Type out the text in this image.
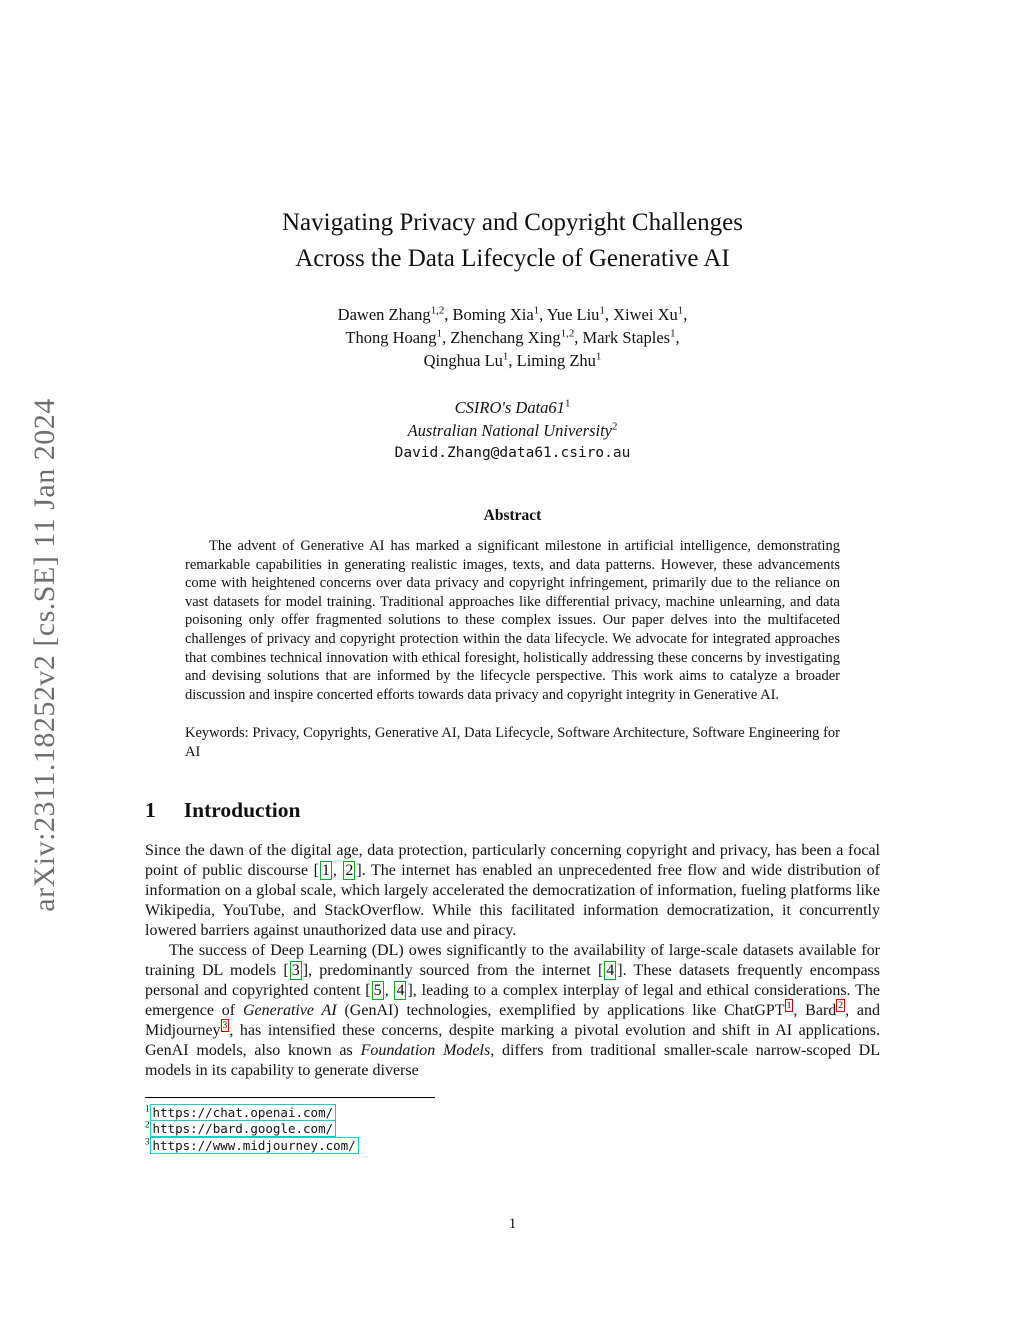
arXiv:2311.18252v2 [cs.SE] 11 Jan 2024
Navigating Privacy and Copyright Challenges
Across the Data Lifecycle of Generative AI
Dawen Zhang$^{1,2}$, Boming Xia$^1$, Yue Liu$^1$, Xiwei Xu$^1$,
Thong Hoang$^1$, Zhenchang Xing$^{1,2}$, Mark Staples$^1$,
Qinghua Lu$^1$, Liming Zhu$^1$
CSIRO's $Data61^1$
Australian National University$^2$
David.Zhang@data61.csiro.au
Abstract
The advent of Generative AI has marked a significant milestone in artificial intelligence, demonstrating remarkable capabilities in generating realistic images, texts, and data patterns. However, these advancements come with heightened concerns over data privacy and copyright infringement, primarily due to the reliance on vast datasets for model training. Traditional approaches like differential privacy, machine unlearning, and data poisoning only offer fragmented solutions to these complex issues. Our paper delves into the multifaceted challenges of privacy and copyright protection within the data lifecycle. We advocate for integrated approaches that combines technical innovation with ethical foresight, holistically addressing these concerns by investigating and devising solutions that are informed by the lifecycle perspective. This work aims to catalyze a broader discussion and inspire concerted efforts towards data privacy and copyright integrity in Generative AI.
Keywords: Privacy, Copyrights, Generative AI, Data Lifecycle, Software Architecture, Software Engineering for AI
1 Introduction

Since the dawn of the digital age, data protection, particularly concerning copyright and privacy, has been a focal point of public discourse [ 1 , 2 ]. The internet has enabled an unprecedented free flow and wide distribution of information on a global scale, which largely accelerated the democratization of information, fueling platforms like Wikipedia, YouTube, and StackOverflow. While this facilitated information democratization, it concurrently lowered barriers against unauthorized data use and piracy.

The success of Deep Learning (DL) owes significantly to the availability of large-scale datasets available for training DL models [ 3 ], predominantly sourced from the internet [ 4 ]. These datasets frequently encompass personal and copyrighted content [ 5 , 4 ], leading to a complex interplay of legal and ethical considerations. The emergence of Generative AI (GenAI) technologies, exemplified by applications like ChatGPT $^1$ , Bard $^2$ , and Midjourney $^3$ , has intensified these concerns, despite marking a pivotal evolution and shift in AI applications. GenAI models, also known as Foundation Models, differs from traditional smaller-scale narrow-scoped DL models in its capability to generate diverse

$^1$ https://chat.openai.com/
$^2$ https://bard.google.com/
$^3$ https://www.midjourney.com/
1
